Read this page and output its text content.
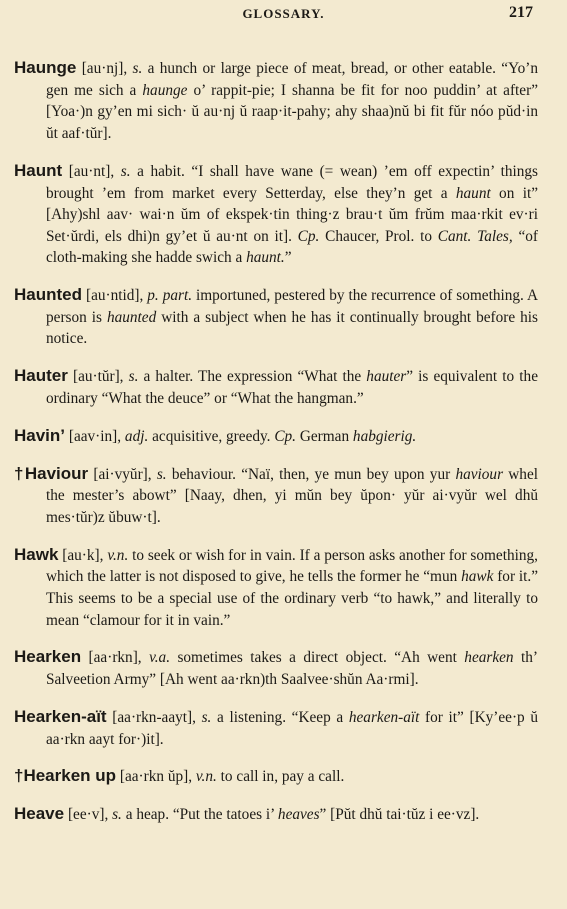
GLOSSARY.	217

Haunge [au·nj], s. a hunch or large piece of meat, bread, or other eatable. “Yo’n gen me sich a haunge o’ rappit-pie; I shanna be fit for noo puddin’ at after” [Yoa·)n gy’en mi sich· ŭ au·nj ŭ raap·it-pahy; ahy shaa)nŭ bi fit fŭr nóo pŭd·in ŭt aaf·tŭr].

Haunt [au·nt], s. a habit. “I shall have wane (= wean) ’em off expectin’ things brought ’em from market every Setterday, else they’n get a haunt on it” [Ahy)shl aav· wai·n ŭm of ekspek·tin thing·z brau·t ŭm frŭm maa·rkit ev·ri Set·ŭrdi, els dhi)n gy’et ŭ au·nt on it]. Cp. Chaucer, Prol. to Cant. Tales, “of cloth-making she hadde swich a haunt.”

Haunted [au·ntid], p. part. importuned, pestered by the recurrence of something. A person is haunted with a subject when he has it continually brought before his notice.

Hauter [au·tŭr], s. a halter. The expression “What the hauter” is equivalent to the ordinary “What the deuce” or “What the hangman.”

Havin’ [aav·in], adj. acquisitive, greedy. Cp. German habgierig.

†Haviour [ai·vyŭr], s. behaviour. “Naï, then, ye mun bey upon yur haviour whel the mester’s abowt” [Naay, dhen, yi mŭn bey ŭpon· yŭr ai·vyŭr wel dhŭ mes·tŭr)z ŭbuw·t].

Hawk [au·k], v.n. to seek or wish for in vain. If a person asks another for something, which the latter is not disposed to give, he tells the former he “mun hawk for it.” This seems to be a special use of the ordinary verb “to hawk,” and literally to mean “clamour for it in vain.”

Hearken [aa·rkn], v.a. sometimes takes a direct object. “Ah went hearken th’ Salveetion Army” [Ah went aa·rkn)th Saalvee·shŭn Aa·rmi].

Hearken-aït [aa·rkn-aayt], s. a listening. “Keep a hearken-aït for it” [Ky’ee·p ŭ aa·rkn aayt for·)it].

†Hearken up [aa·rkn ŭp], v.n. to call in, pay a call.

Heave [ee·v], s. a heap. “Put the tatoes i’ heaves” [Pŭt dhŭ tai·tŭz i ee·vz].
